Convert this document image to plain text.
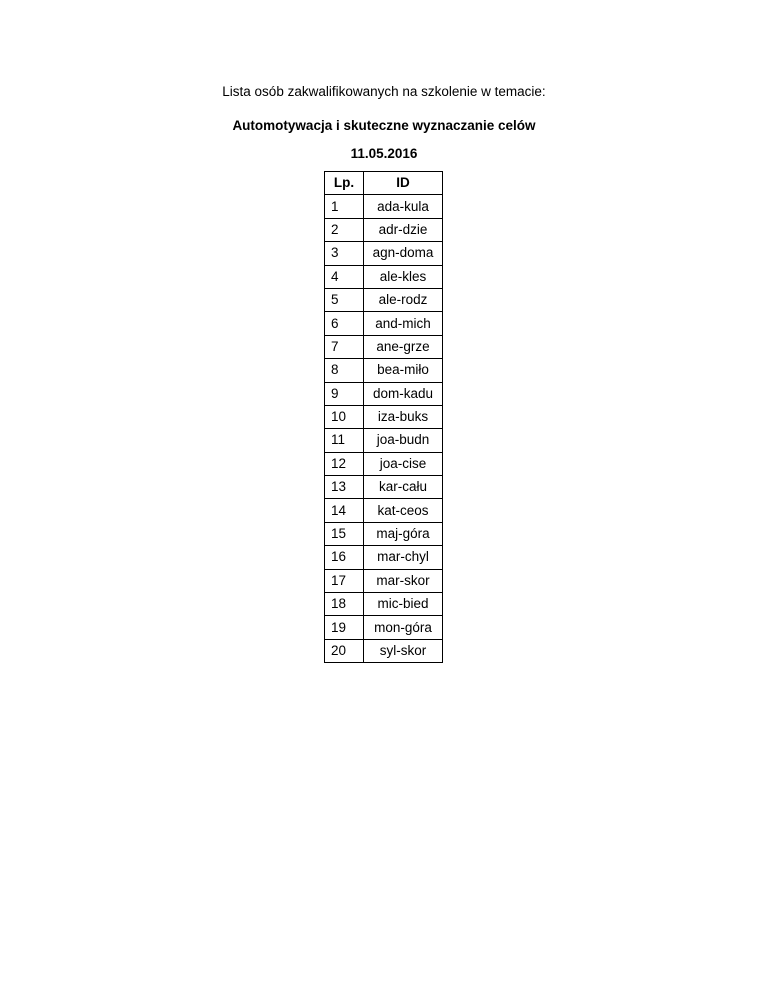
Lista osób zakwalifikowanych na szkolenie w temacie:
Automotywacja i skuteczne wyznaczanie celów
11.05.2016
Lp.	ID
1	ada-kula
2	adr-dzie
3	agn-doma
4	ale-kles
5	ale-rodz
6	and-mich
7	ane-grze
8	bea-miło
9	dom-kadu
10	iza-buks
11	joa-budn
12	joa-cise
13	kar-cału
14	kat-ceos
15	maj-góra
16	mar-chyl
17	mar-skor
18	mic-bied
19	mon-góra
20	syl-skor
